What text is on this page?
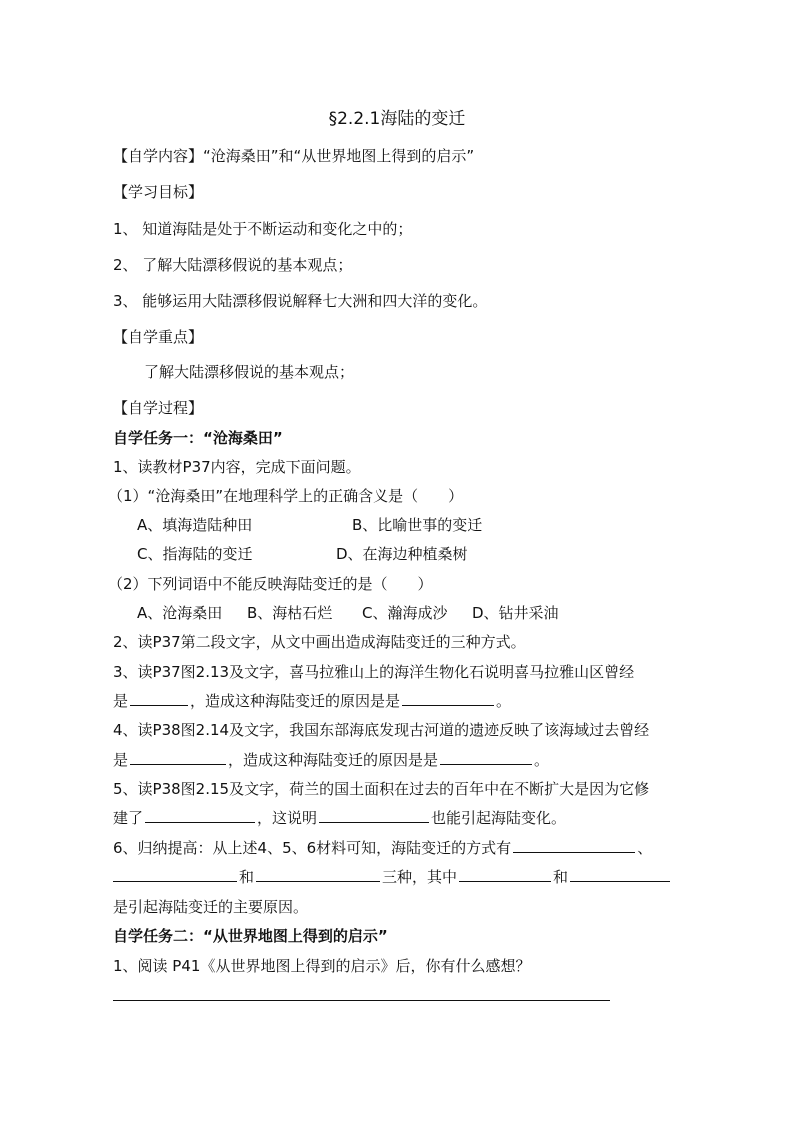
§2.2.1海陆的变迁
【自学内容】“沧海桑田”和“从世界地图上得到的启示”
【学习目标】
1、 知道海陆是处于不断运动和变化之中的；
2、 了解大陆漂移假说的基本观点；
3、 能够运用大陆漂移假说解释七大洲和四大洋的变化。
【自学重点】
了解大陆漂移假说的基本观点；
【自学过程】
自学任务一：“沧海桑田”
1、读教材P37内容，完成下面问题。
（1）“沧海桑田”在地理科学上的正确含义是（　　）
A、填海造陆种田	B、比喻世事的变迁
C、指海陆的变迁	D、在海边种植桑树
（2）下列词语中不能反映海陆变迁的是（　　）
A、沧海桑田 B、海枯石烂 C、瀚海成沙 D、钻井采油
2、读P37第二段文字，从文中画出造成海陆变迁的三种方式。
3、读P37图2.13及文字，喜马拉雅山上的海洋生物化石说明喜马拉雅山区曾经
是	，造成这种海陆变迁的原因是是	。
4、读P38图2.14及文字，我国东部海底发现古河道的遗迹反映了该海域过去曾经
是	，造成这种海陆变迁的原因是是	。
5、读P38图2.15及文字，荷兰的国土面积在过去的百年中在不断扩大是因为它修
建了	，这说明	也能引起海陆变化。
6、归纳提高：从上述4、5、6材料可知，海陆变迁的方式有	、
和	三种，其中	和
是引起海陆变迁的主要原因。
自学任务二：“从世界地图上得到的启示”
1、阅读 P41《从世界地图上得到的启示》后，你有什么感想？
